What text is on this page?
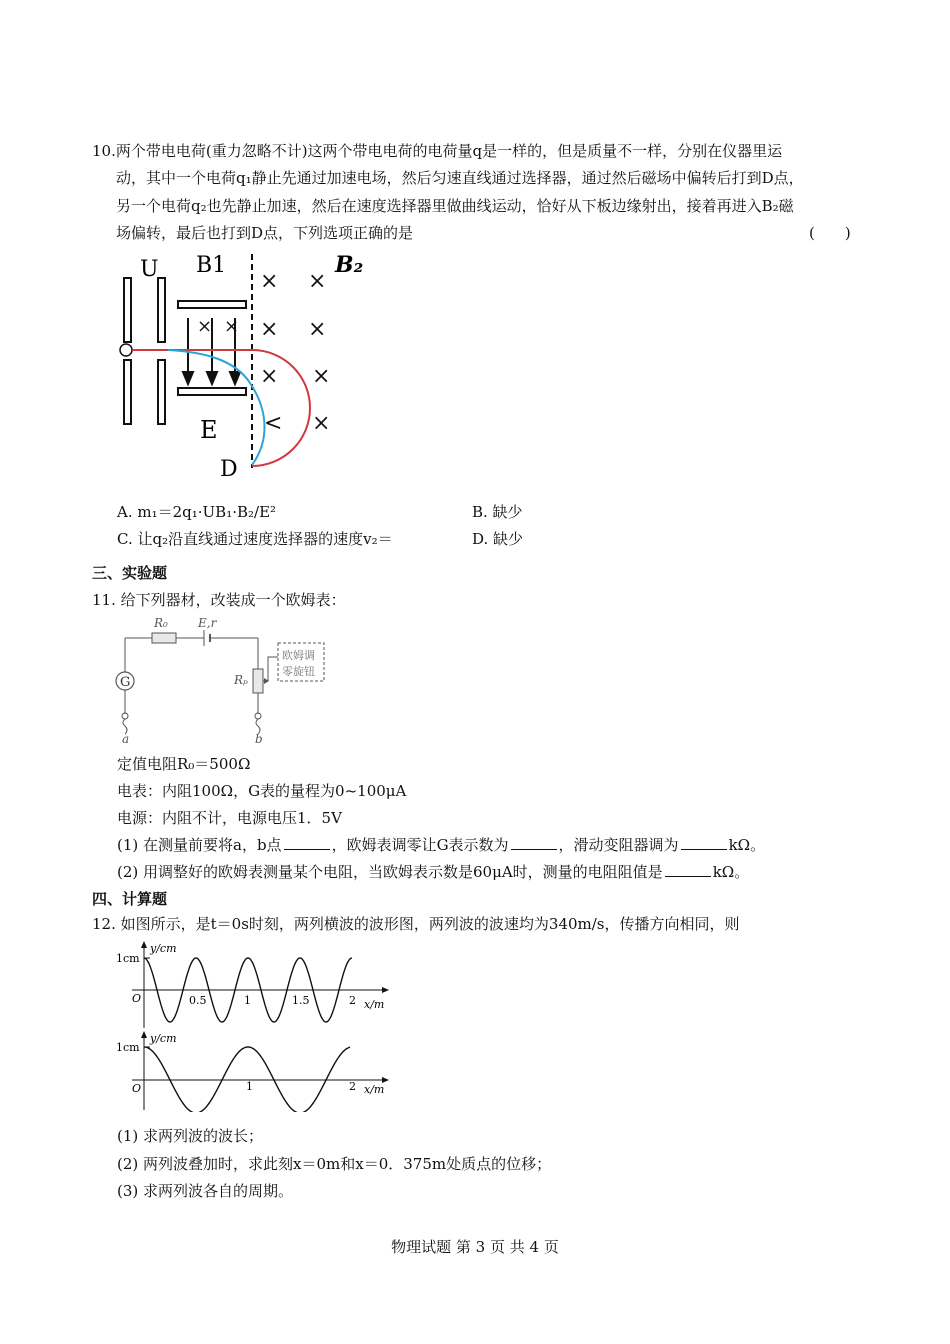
10.两个带电电荷(重力忽略不计)这两个带电电荷的电荷量q是一样的，但是质量不一样，分别在仪器里运
动，其中一个电荷q₁静止先通过加速电场，然后匀速直线通过选择器，通过然后磁场中偏转后打到D点，
另一个电荷q₂也先静止加速，然后在速度选择器里做曲线运动，恰好从下板边缘射出，接着再进入B₂磁
场偏转，最后也打到D点，下列选项正确的是	(　　)
× ×
× ×
× ×
× ×
< ×
U B1	B₂
E
D
A. m₁＝2q₁·UB₁·B₂/E²	B. 缺少
C. 让q₂沿直线通过速度选择器的速度v₂＝	D. 缺少
三、实验题
11. 给下列器材，改装成一个欧姆表：
G
R₀	E,r
Rₚ
欧姆调
零旋钮
a	b
定值电阻R₀＝500Ω
电表：内阻100Ω，G表的量程为0~100μA
电源：内阻不计，电源电压1．5V
(1) 在测量前要将a，b点	，欧姆表调零让G表示数为	，滑动变阻器调为	kΩ。
(2) 用调整好的欧姆表测量某个电阻，当欧姆表示数是60μA时，测量的电阻阻值是	kΩ。
四、计算题
12. 如图所示，是t＝0s时刻，两列横波的波形图，两列波的波速均为340m/s，传播方向相同，则
y/cm
x/m
1cm
O	0.5	1	1.5	2
y/cm
x/m
1cm
O	1	2
(1) 求两列波的波长；
(2) 两列波叠加时，求此刻x＝0m和x＝0．375m处质点的位移；
(3) 求两列波各自的周期。
物理试题 第 3 页 共 4 页
